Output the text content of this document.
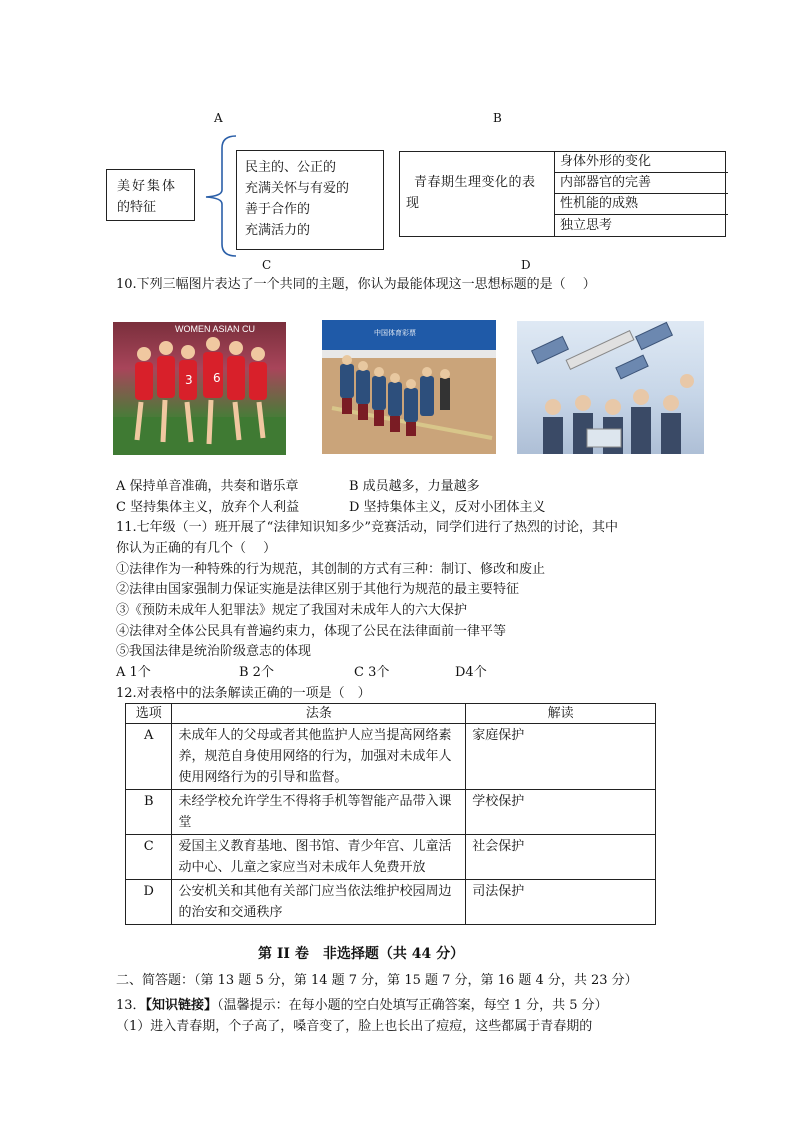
A	B
C	D
美好集体
的特征
民主的、公正的
充满关怀与有爱的
善于合作的
充满活力的
青春期生理变化的表
现
身体外形的变化
内部器官的完善
性机能的成熟
独立思考
10.下列三幅图片表达了一个共同的主题，你认为最能体现这一思想标题的是（　 ）
WOMEN ASIAN CU
6
3
中国体育彩票
A 保持单音准确，共奏和谐乐章	B 成员越多，力量越多
C 坚持集体主义，放弃个人利益	D 坚持集体主义，反对小团体主义
11.七年级（一）班开展了“法律知识知多少”竞赛活动，同学们进行了热烈的讨论，其中
你认为正确的有几个（　 ）
①法律作为一种特殊的行为规范，其创制的方式有三种：制订、修改和废止
②法律由国家强制力保证实施是法律区别于其他行为规范的最主要特征
③《预防未成年人犯罪法》规定了我国对未成年人的六大保护
④法律对全体公民具有普遍约束力，体现了公民在法律面前一律平等
⑤我国法律是统治阶级意志的体现
A 1个	B 2个	C 3个	D4个
12.对表格中的法条解读正确的一项是（　）
选项	法条	解读
A	未成年人的父母或者其他监护人应当提高网络素养，规范自身使用网络的行为，加强对未成年人使用网络行为的引导和监督。	家庭保护
B	未经学校允许学生不得将手机等智能产品带入课堂	学校保护
C	爱国主义教育基地、图书馆、青少年宫、儿童活动中心、儿童之家应当对未成年人免费开放	社会保护
D	公安机关和其他有关部门应当依法维护校园周边的治安和交通秩序	司法保护
第 II 卷　非选择题（共 44 分）
二、简答题：（第 13 题 5 分，第 14 题 7 分，第 15 题 7 分，第 16 题 4 分，共 23 分）
13．【知识链接】（温馨提示：在每小题的空白处填写正确答案，每空 1 分，共 5 分）
（1）进入青春期，个子高了，嗓音变了，脸上也长出了痘痘，这些都属于青春期的
